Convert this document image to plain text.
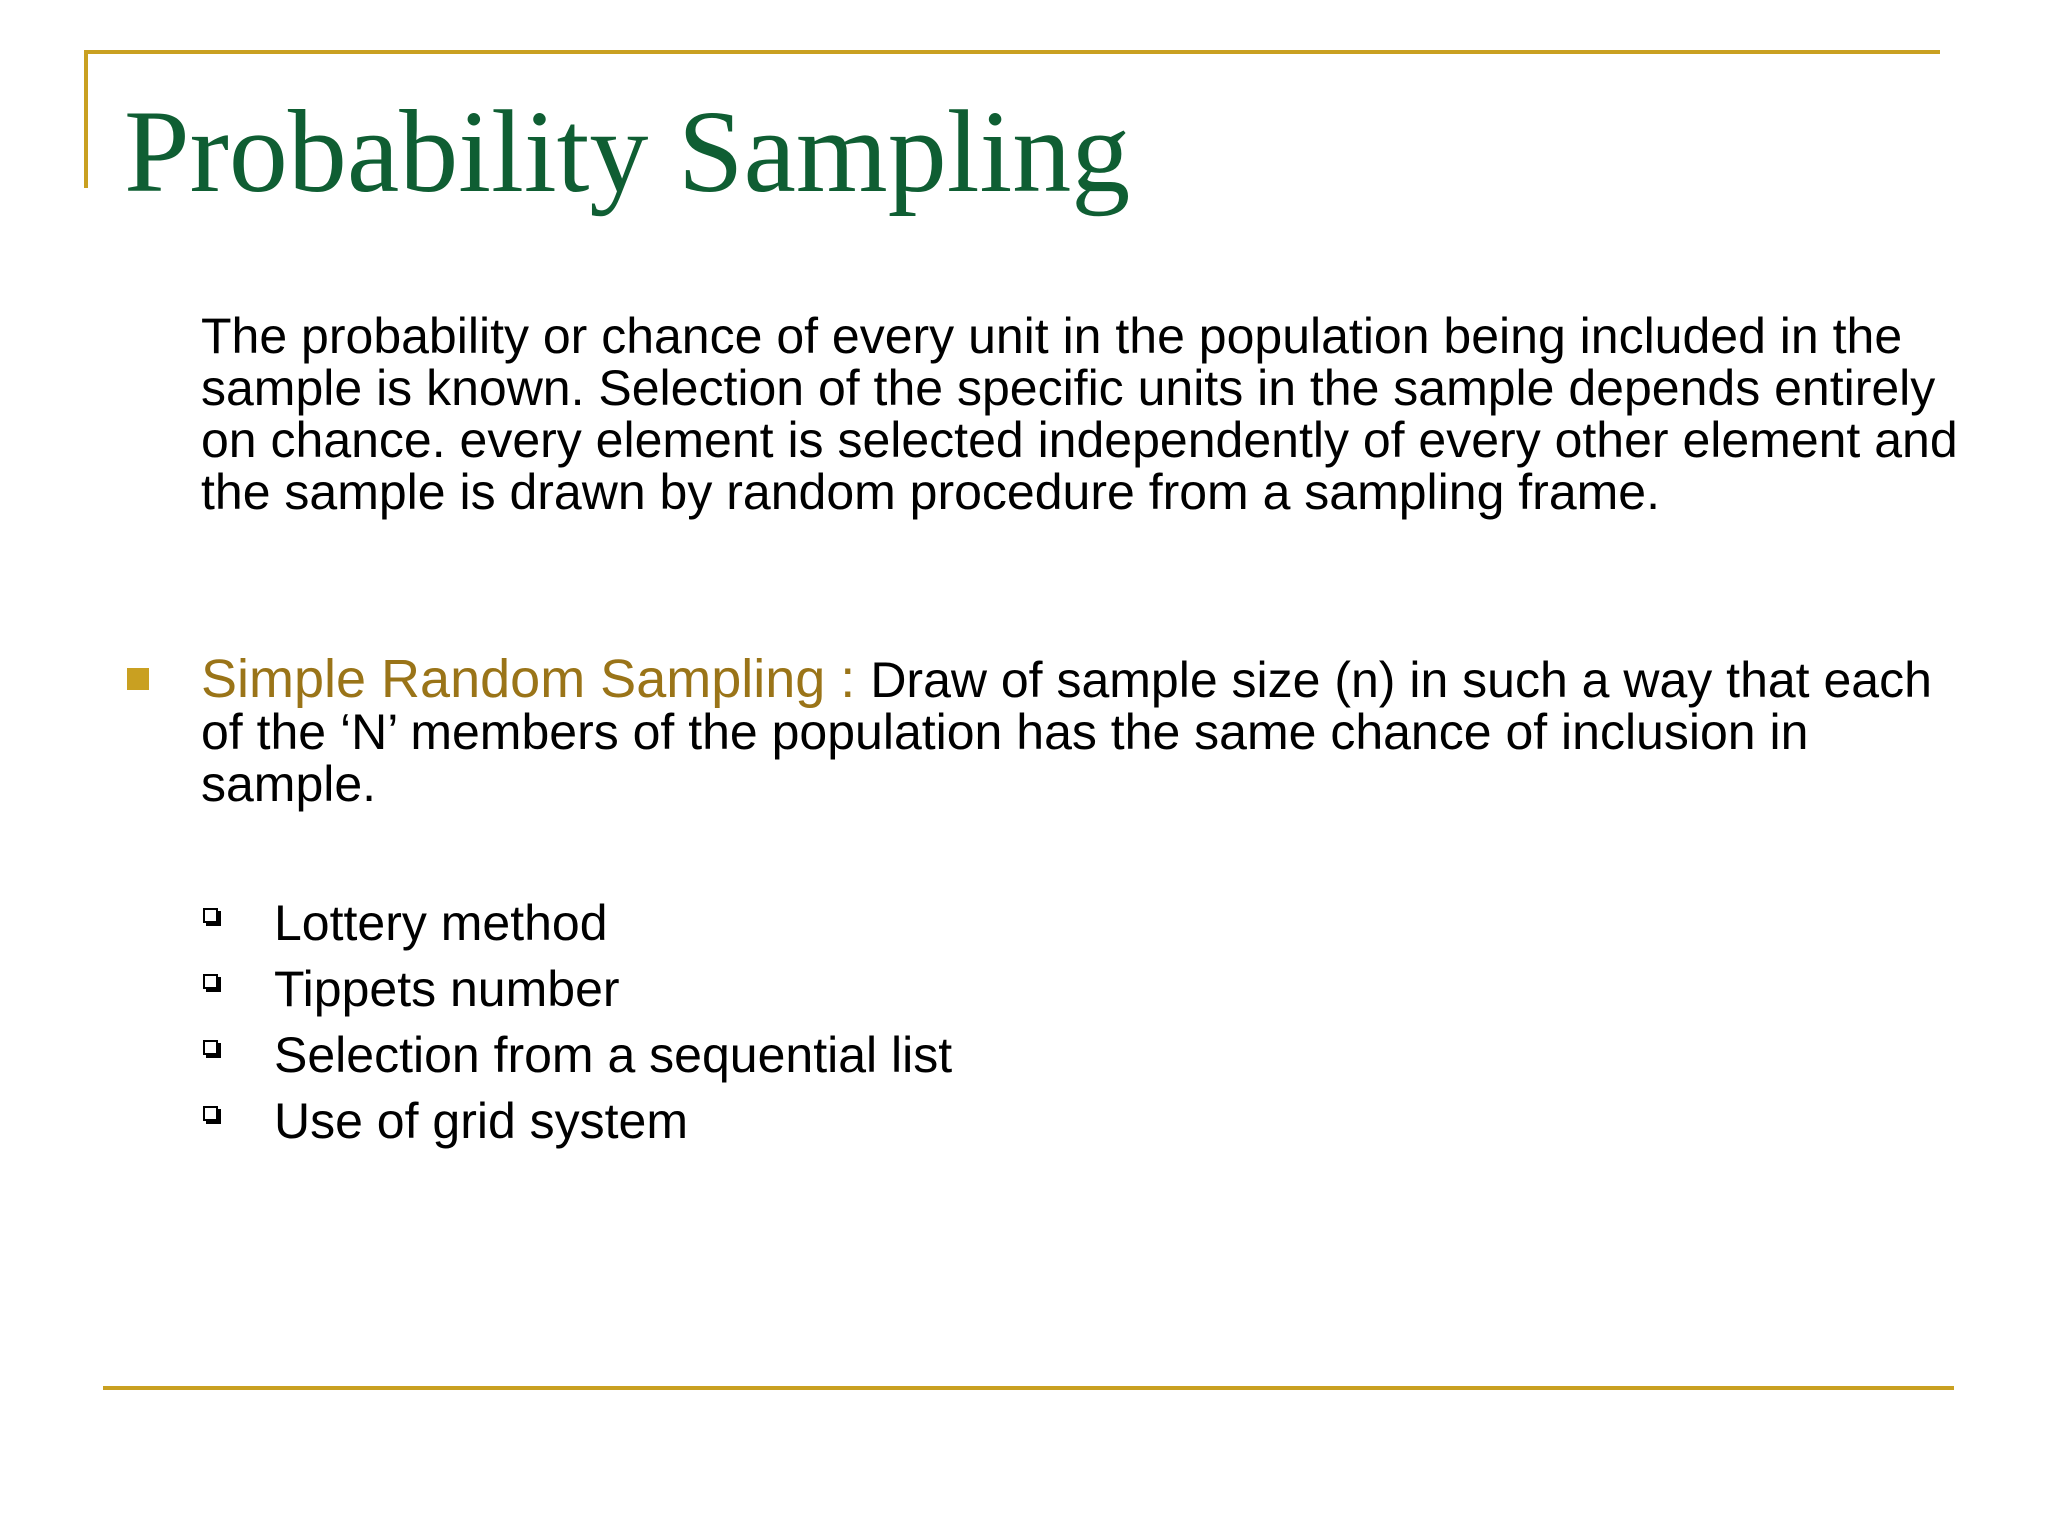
Probability Sampling

The probability or chance of every unit in the population being included in the sample is known. Selection of the specific units in the sample depends entirely on chance. every element is selected independently of every other element and the sample is drawn by random procedure from a sampling frame.

Simple Random Sampling : Draw of sample size (n) in such a way that each of the ‘N’ members of the population has the same chance of inclusion in sample.

Lottery method
Tippets number
Selection from a sequential list
Use of grid system
